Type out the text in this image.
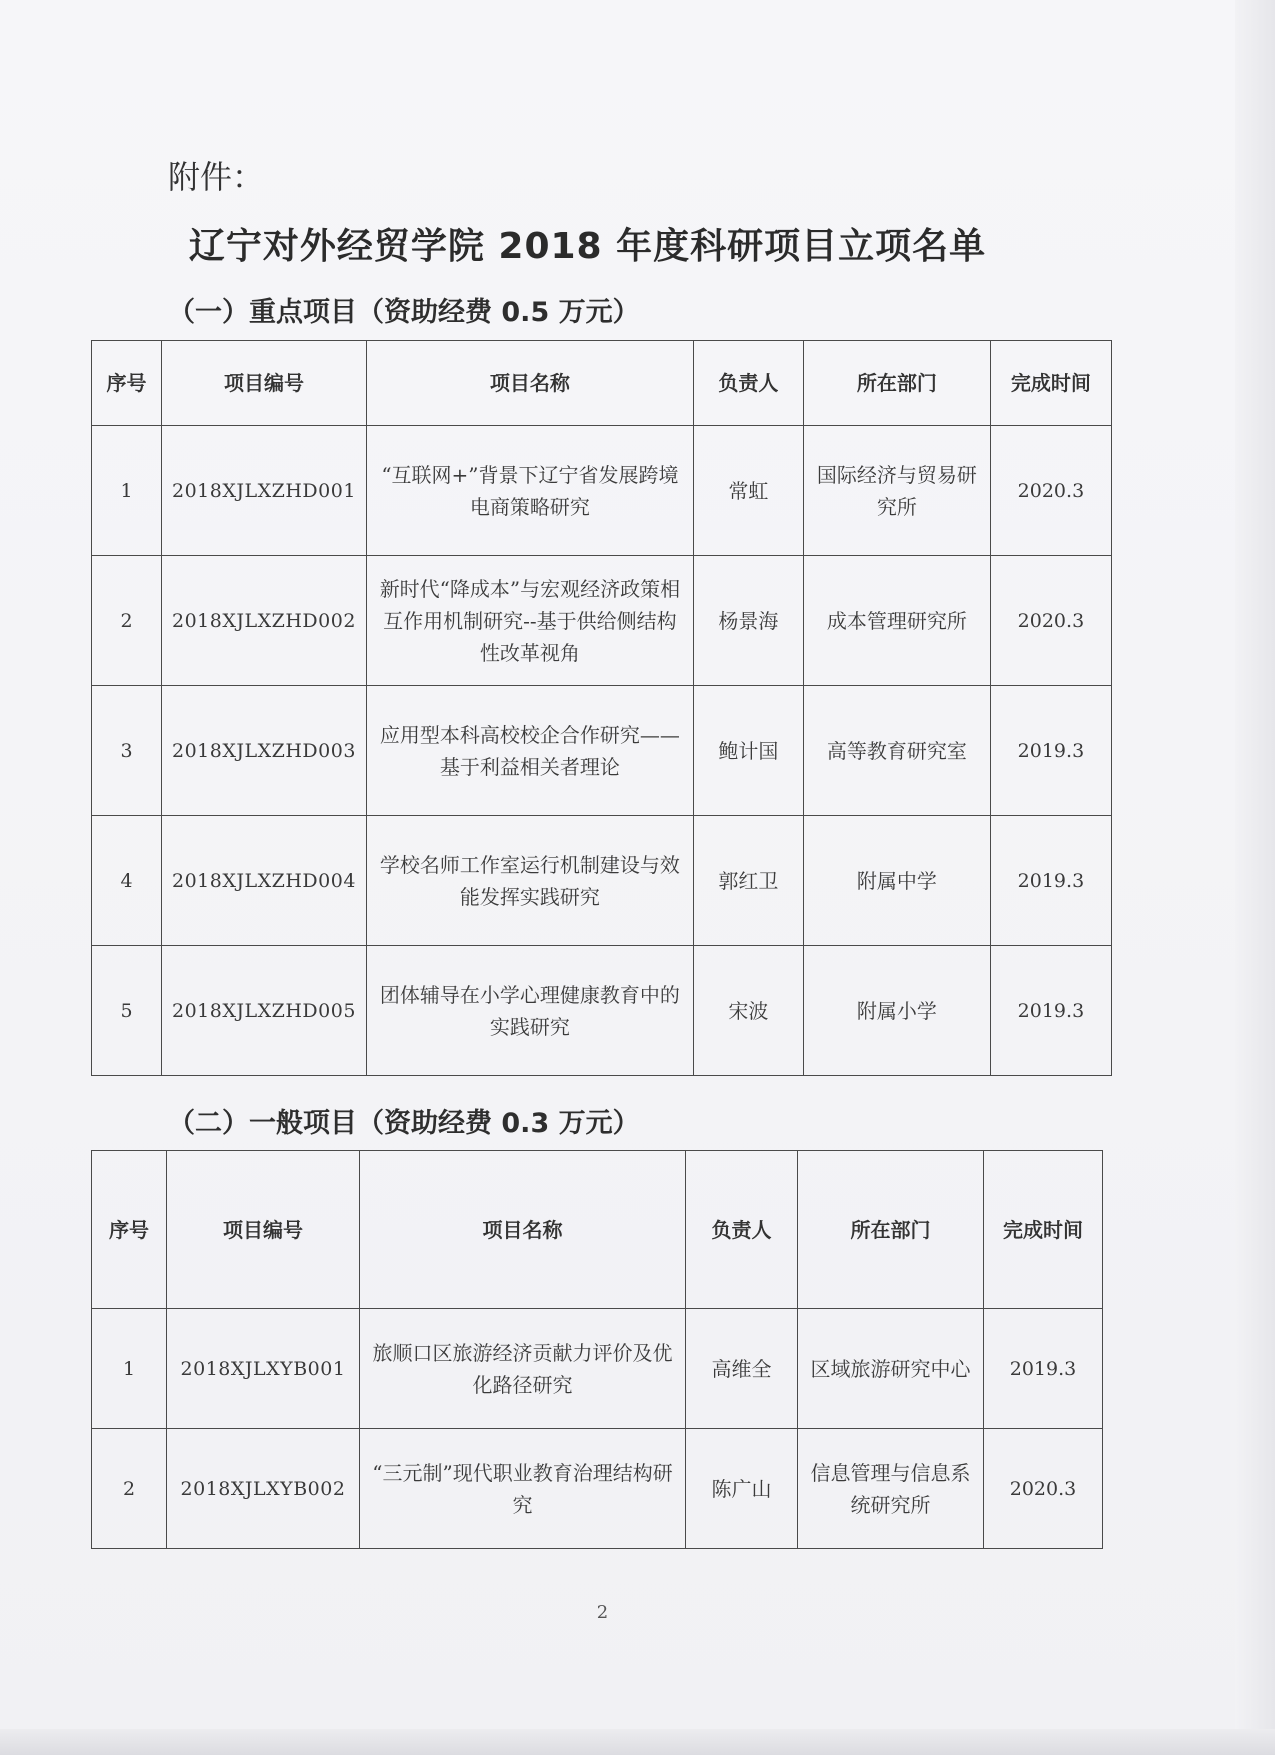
附件：
辽宁对外经贸学院 2018 年度科研项目立项名单
（一）重点项目（资助经费 0.5 万元）
序号	项目编号	项目名称	负责人	所在部门	完成时间
1	2018XJLXZHD001	“互联网+”背景下辽宁省发展跨境电商策略研究	常虹	国际经济与贸易研究所	2020.3
2	2018XJLXZHD002	新时代“降成本”与宏观经济政策相互作用机制研究--基于供给侧结构性改革视角	杨景海	成本管理研究所	2020.3
3	2018XJLXZHD003	应用型本科高校校企合作研究——基于利益相关者理论	鲍计国	高等教育研究室	2019.3
4	2018XJLXZHD004	学校名师工作室运行机制建设与效能发挥实践研究	郭红卫	附属中学	2019.3
5	2018XJLXZHD005	团体辅导在小学心理健康教育中的实践研究	宋波	附属小学	2019.3
（二）一般项目（资助经费 0.3 万元）
序号	项目编号	项目名称	负责人	所在部门	完成时间
1	2018XJLXYB001	旅顺口区旅游经济贡献力评价及优化路径研究	高维全	区域旅游研究中心	2019.3
2	2018XJLXYB002	“三元制”现代职业教育治理结构研究	陈广山	信息管理与信息系统研究所	2020.3
2
